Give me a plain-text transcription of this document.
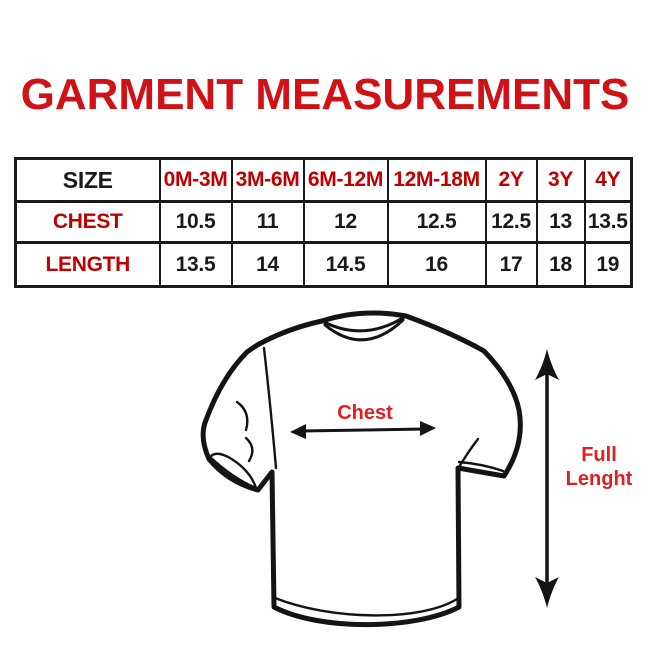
GARMENT MEASUREMENTS
SIZE	0M-3M	3M-6M	6M-12M	12M-18M	2Y	3Y	4Y
CHEST	10.5	11	12	12.5	12.5	13	13.5
LENGTH	13.5	14	14.5	16	17	18	19
Chest
Full Lenght
